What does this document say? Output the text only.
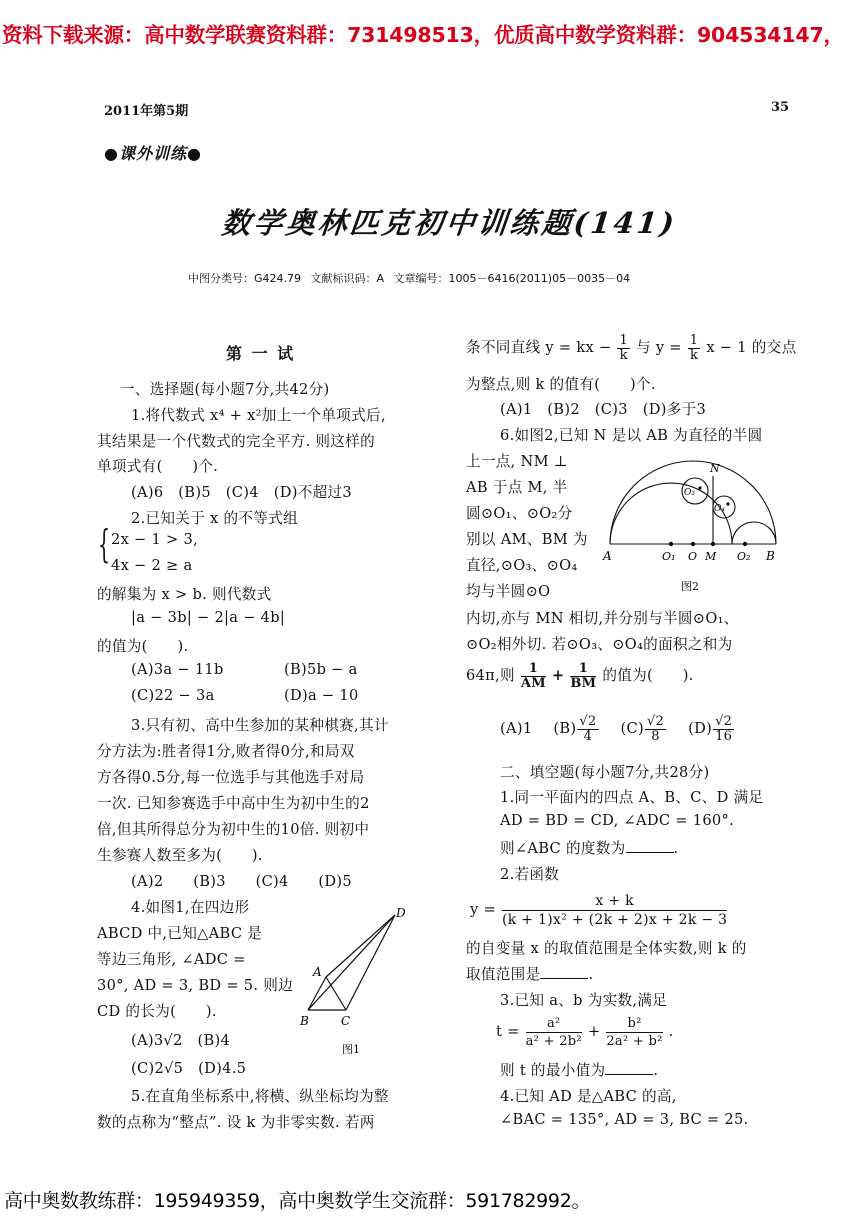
资料下载来源：高中数学联赛资料群：731498513，优质高中数学资料群：904534147，
2011年第5期	35
●课外训练●
数学奥林匹克初中训练题(141)
中图分类号：G424.79 文献标识码：A 文章编号：1005－6416(2011)05－0035－04
第 一 试
一、选择题(每小题7分,共42分)
1.将代数式 x⁴ + x²加上一个单项式后,
其结果是一个代数式的完全平方. 则这样的
单项式有(　　)个.
(A)6　(B)5　(C)4　(D)不超过3
2.已知关于 x 的不等式组
{ 2x − 1 > 3,
4x − 2 ≥ a
的解集为 x > b. 则代数式
|a − 3b| − 2|a − 4b|
的值为(　　).
(A)3a − 11b	(B)5b − a
(C)22 − 3a	(D)a − 10
3.只有初、高中生参加的某种棋赛,其计
分方法为:胜者得1分,败者得0分,和局双
方各得0.5分,每一位选手与其他选手对局
一次. 已知参赛选手中高中生为初中生的2
倍,但其所得总分为初中生的10倍. 则初中
生参赛人数至多为(　　).
(A)2　　(B)3　　(C)4　　(D)5
4.如图1,在四边形
ABCD 中,已知△ABC 是
等边三角形, ∠ADC =
30°, AD = 3, BD = 5. 则边
CD 的长为(　　).
(A)3√2　(B)4
(C)2√5　(D)4.5
A
B	C
D
图1
5.在直角坐标系中,将横、纵坐标均为整
数的点称为“整点”. 设 k 为非零实数. 若两
条不同直线 y = kx − $\frac{1}{k}$ 与 $y = \frac{1}{k}$ x − 1 的交点
为整点,则 k 的值有(　　)个.
(A)1　(B)2　(C)3　(D)多于3
6.如图2,已知 N 是以 AB 为直径的半圆
上一点, NM ⊥
AB 于点 M, 半
圆⊙O₁、⊙O₂分
别以 AM、BM 为
直径,⊙O₃、⊙O₄
均与半圆⊙O
A	O₁ O M O₂ B
N
O₃
O₄
图2
内切,亦与 MN 相切,并分别与半圆⊙O₁、
⊙O₂相外切. 若⊙O₃、⊙O₄的面积之和为
64π,则 $\frac{1}{AM} + \frac{1}{BM}$ 的值为(　　).
(A)1 $(B) \frac{√2}{4} (C) \frac{√2}{8} (D) \frac{√2}{16}$
二、填空题(每小题7分,共28分)
1.同一平面内的四点 A、B、C、D 满足
AD = BD = CD, ∠ADC = 160°.
则∠ABC 的度数为	.
2.若函数
$y = \frac{x + k}{\text{(k + 1)x² + (2k + 2)x + 2k − 3}}$
的自变量 x 的取值范围是全体实数,则 k 的
取值范围是	.
3.已知 a、b 为实数,满足
$t = \frac{\text{a²}}{\text{a² + 2b²}} + \frac{\text{b²}}{\text{2a² + b²}}$ .
则 t 的最小值为	.
4.已知 AD 是△ABC 的高,
∠BAC = 135°, AD = 3, BC = 25.
高中奥数教练群：195949359，高中奥数学生交流群：591782992。
